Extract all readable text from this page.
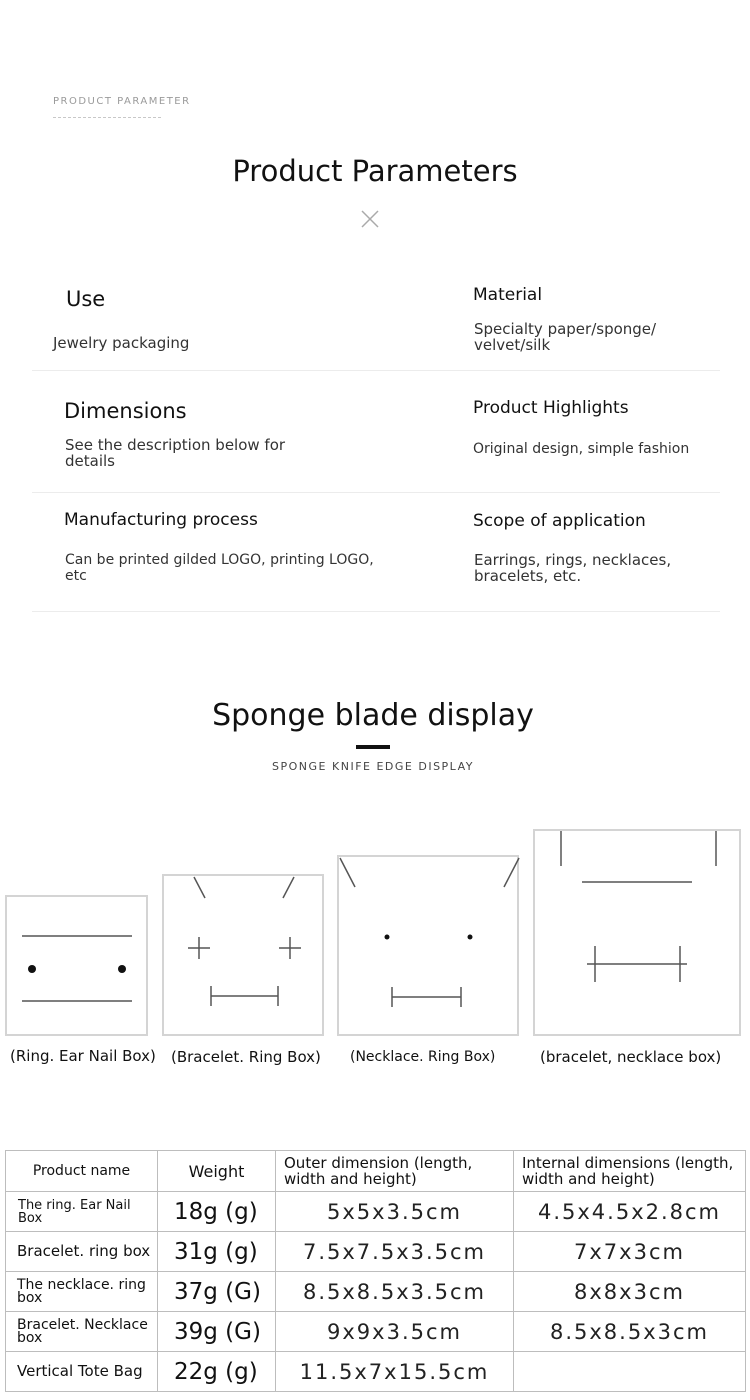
PRODUCT PARAMETER
Product Parameters
Use
Jewelry packaging
Material
Specialty paper/sponge/
velvet/silk
Dimensions
See the description below for
details
Product Highlights
Original design, simple fashion
Manufacturing process
Can be printed gilded LOGO, printing LOGO,
etc
Scope of application
Earrings, rings, necklaces,
bracelets, etc.
Sponge blade display
SPONGE KNIFE EDGE DISPLAY
(Ring. Ear Nail Box) (Bracelet. Ring Box) (Necklace. Ring Box)	(bracelet, necklace box)
Product name	Weight	Outer dimension (length,
width and height)	Internal dimensions (length,
width and height)
The ring. Ear Nail Box	18g (g)	5x5x3.5cm	4.5x4.5x2.8cm
Bracelet. ring box	31g (g)	7.5x7.5x3.5cm	7x7x3cm
The necklace. ring
box	37g (G)	8.5x8.5x3.5cm	8x8x3cm
Bracelet. Necklace
box	39g (G)	9x9x3.5cm	8.5x8.5x3cm
Vertical Tote Bag	22g (g)	11.5x7x15.5cm	
